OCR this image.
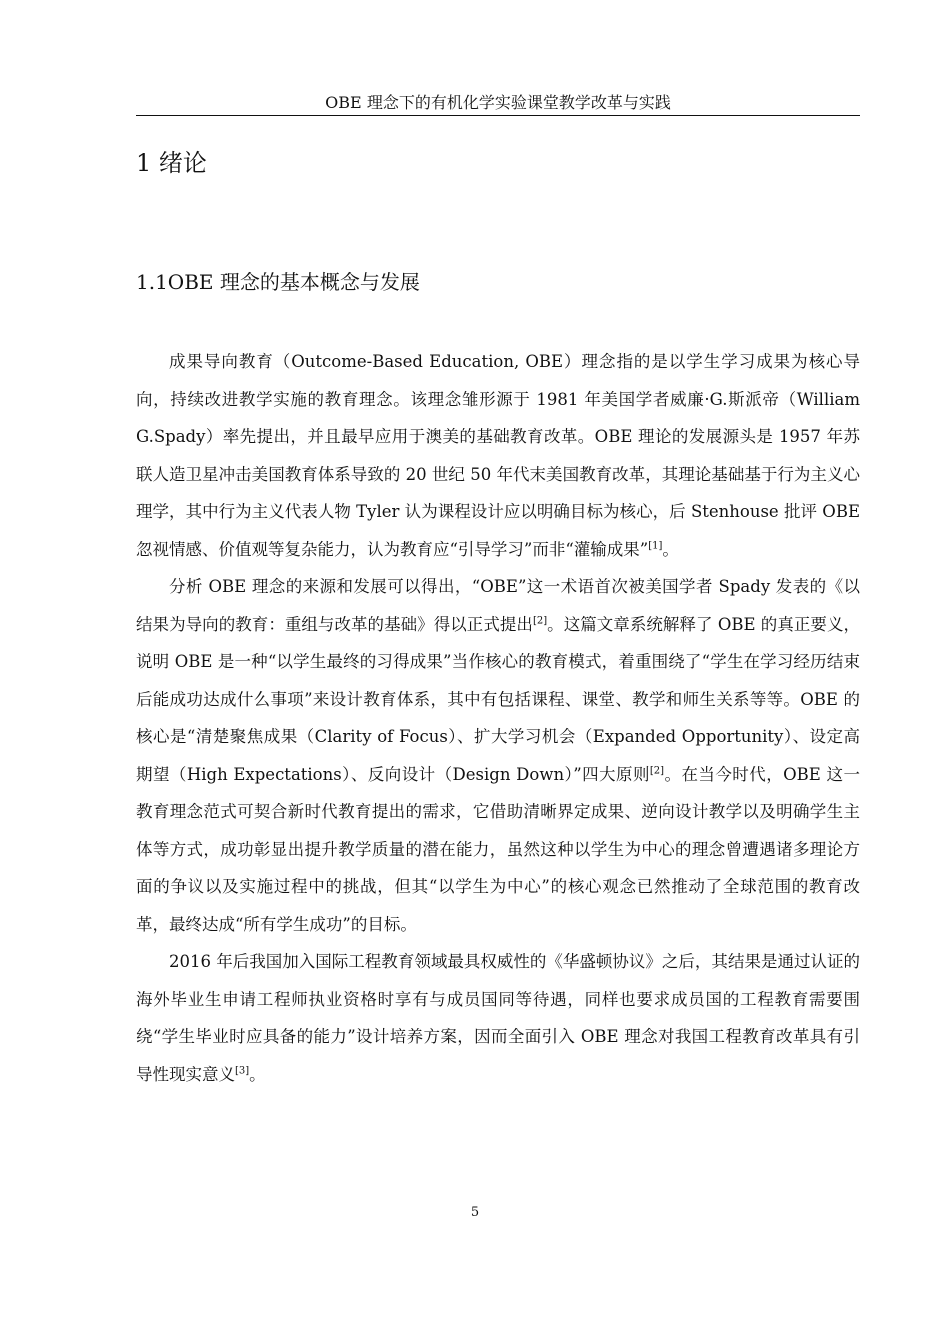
OBE 理念下的有机化学实验课堂教学改革与实践
1 绪论
1.1OBE 理念的基本概念与发展

成果导向教育（Outcome-Based Education, OBE）理念指的是以学生学习成果为核心导向，持续改进教学实施的教育理念。该理念雏形源于 1981 年美国学者威廉·G.斯派帝（William G.Spady）率先提出，并且最早应用于澳美的基础教育改革。OBE 理论的发展源头是 1957 年苏联人造卫星冲击美国教育体系导致的 20 世纪 50 年代末美国教育改革，其理论基础基于行为主义心理学，其中行为主义代表人物 Tyler 认为课程设计应以明确目标为核心，后 Stenhouse 批评 OBE 忽视情感、价值观等复杂能力，认为教育应“引导学习”而非“灌输成果”[1]。

分析 OBE 理念的来源和发展可以得出，“OBE”这一术语首次被美国学者 Spady 发表的《以结果为导向的教育：重组与改革的基础》得以正式提出[2]。这篇文章系统解释了 OBE 的真正要义，说明 OBE 是一种“以学生最终的习得成果”当作核心的教育模式，着重围绕了“学生在学习经历结束后能成功达成什么事项”来设计教育体系，其中有包括课程、课堂、教学和师生关系等等。OBE 的核心是“清楚聚焦成果（Clarity of Focus）、扩大学习机会（Expanded Opportunity）、设定高期望（High Expectations）、反向设计（Design Down）”四大原则[2]。在当今时代，OBE 这一教育理念范式可契合新时代教育提出的需求，它借助清晰界定成果、逆向设计教学以及明确学生主体等方式，成功彰显出提升教学质量的潜在能力，虽然这种以学生为中心的理念曾遭遇诸多理论方面的争议以及实施过程中的挑战，但其“以学生为中心”的核心观念已然推动了全球范围的教育改革，最终达成“所有学生成功”的目标。

2016 年后我国加入国际工程教育领域最具权威性的《华盛顿协议》之后，其结果是通过认证的海外毕业生申请工程师执业资格时享有与成员国同等待遇，同样也要求成员国的工程教育需要围绕“学生毕业时应具备的能力”设计培养方案，因而全面引入 OBE 理念对我国工程教育改革具有引导性现实意义[3]。

5
